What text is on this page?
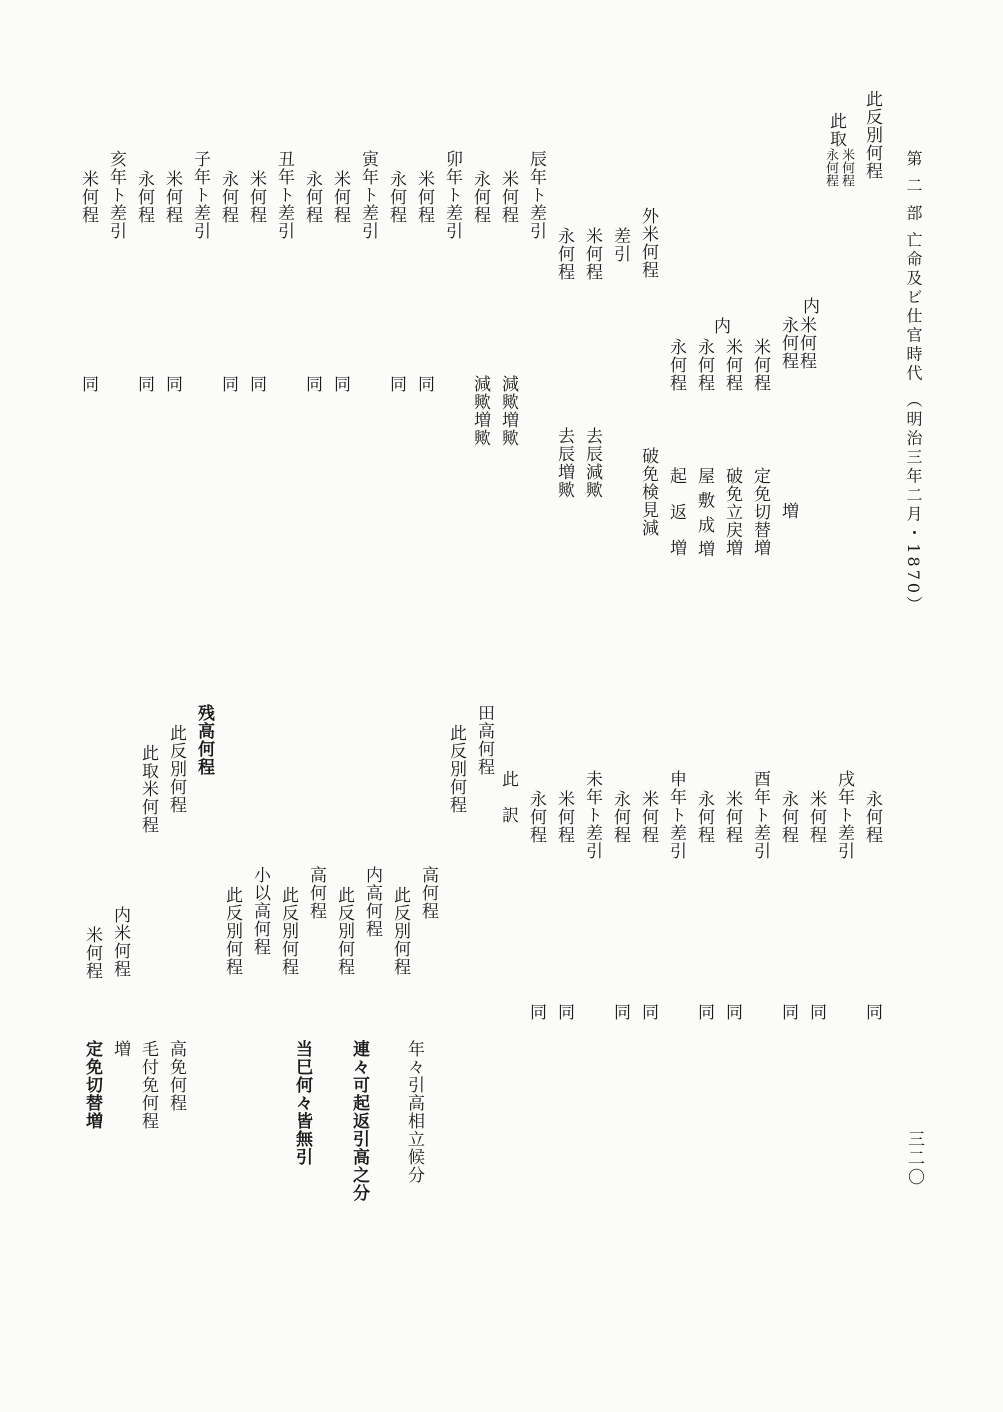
第 二 部 亡命及ビ仕官時代 （明治三年二月・1870）
三二〇
此反別何程
此取
米何程
永何程
内
米何程
永何程
増
米何程
定免切替増
内
米何程
破免立戻増
永何程
屋 敷 成 増
永何程
起　返　増
外米何程
破免検見減
差引
米何程
去辰減歟
永何程
去辰増歟
辰年ト差引
米何程
減歟増歟
永何程
減歟増歟
卯年ト差引
米何程
同
永何程
同
寅年ト差引
米何程
同
永何程
同
丑年ト差引
米何程
同
永何程
同
子年ト差引
米何程
同
永何程
同
亥年ト差引
米何程
同
永何程
同
戌年ト差引
米何程
同
永何程
同
酉年ト差引
米何程
同
永何程
同
申年ト差引
米何程
同
永何程
同
未年ト差引
米何程
同
永何程
同
此　訳
田高何程
此反別何程
高何程
年々引高相立候分
此反別何程
内高何程
連々可起返引高之分
此反別何程
高何程
此反別何程
当巳何々皆無引
小以高何程
此反別何程
残高何程
此反別何程
此取米何程
高免何程
毛付免何程
内米何程
増
米何程
定免切替増
